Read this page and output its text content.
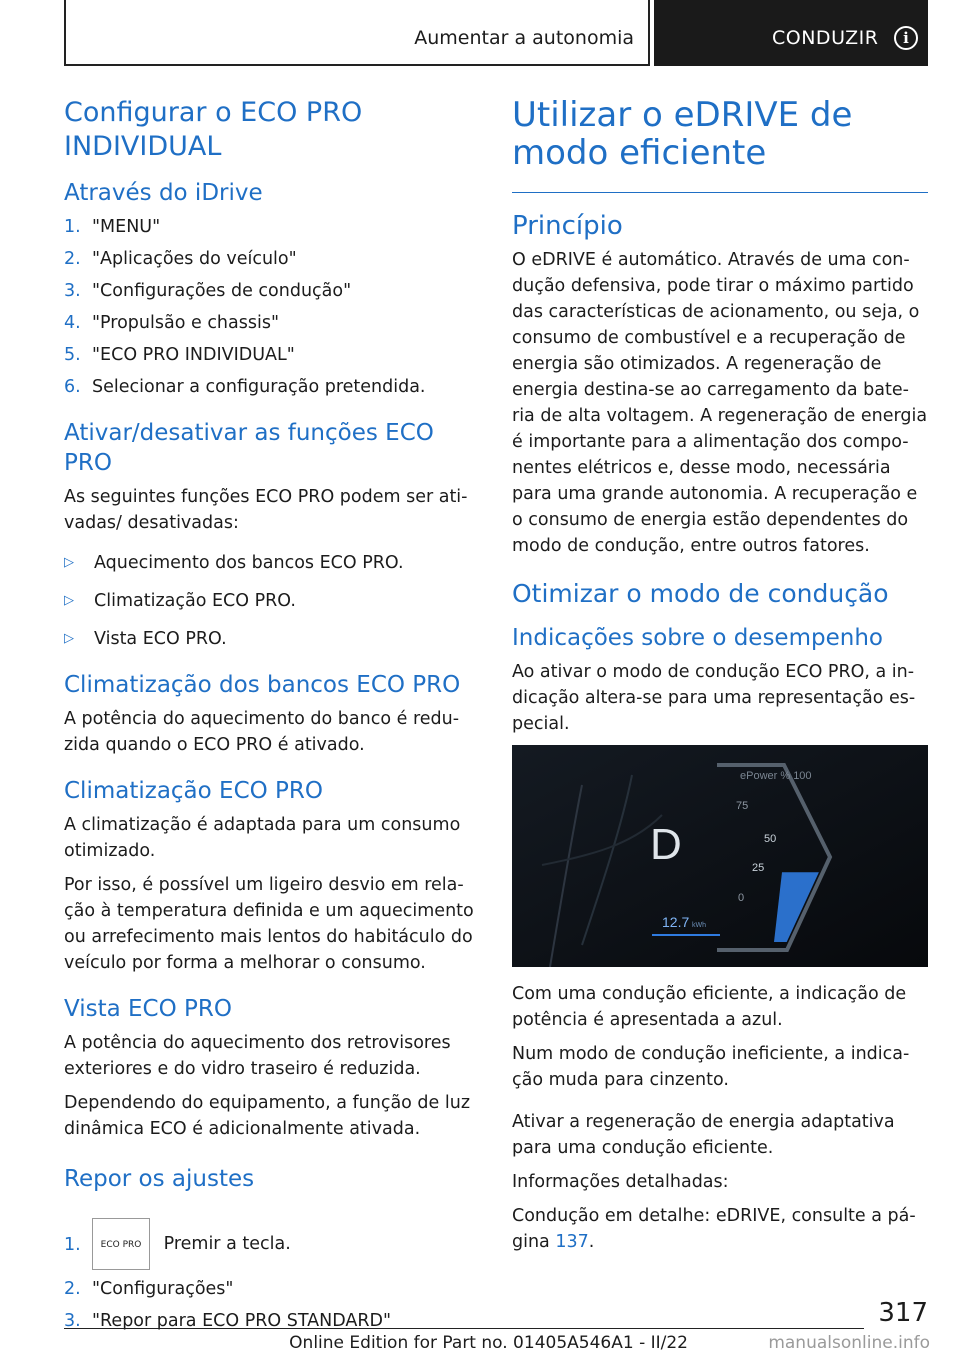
Aumentar a autonomia	CONDUZIR	i
Configurar o ECO PRO INDIVIDUAL
Através do iDrive
1. "MENU"
2. "Aplicações do veículo"
3. "Configurações de condução"
4. "Propulsão e chassis"
5. "ECO PRO INDIVIDUAL"
6. Selecionar a configuração pretendida.
Ativar/desativar as funções ECO PRO

As seguintes funções ECO PRO podem ser ati-vadas/ desativadas:

▷ Aquecimento dos bancos ECO PRO.
▷ Climatização ECO PRO.
▷ Vista ECO PRO.
Climatização dos bancos ECO PRO

A potência do aquecimento do banco é redu-zida quando o ECO PRO é ativado.

Climatização ECO PRO

A climatização é adaptada para um consumo otimizado.

Por isso, é possível um ligeiro desvio em rela-ção à temperatura definida e um aquecimento ou arrefecimento mais lentos do habitáculo do veículo por forma a melhorar o consumo.

Vista ECO PRO

A potência do aquecimento dos retrovisores exteriores e do vidro traseiro é reduzida.

Dependendo do equipamento, a função de luz dinâmica ECO é adicionalmente ativada.

Repor os ajustes
1. ECO PRO Premir a tecla.
2. "Configurações"
3. "Repor para ECO PRO STANDARD"
Utilizar o eDRIVE de modo eficiente
Princípio

O eDRIVE é automático. Através de uma con-dução defensiva, pode tirar o máximo partido das características de acionamento, ou seja, o consumo de combustível e a recuperação de energia são otimizados. A regeneração de energia destina-se ao carregamento da bate-ria de alta voltagem. A regeneração de energia é importante para a alimentação dos compo-nentes elétricos e, desse modo, necessária para uma grande autonomia. A recuperação e o consumo de energia estão dependentes do modo de condução, entre outros fatores.

Otimizar o modo de condução
Indicações sobre o desempenho

Ao ativar o modo de condução ECO PRO, a in-dicação altera-se para uma representação es-pecial.

ePower % 100
75
50
25
0
D
12.7 kWh

Com uma condução eficiente, a indicação de potência é apresentada a azul.

Num modo de condução ineficiente, a indica-ção muda para cinzento.

Ativar a regeneração de energia adaptativa para uma condução eficiente.

Informações detalhadas:

Condução em detalhe: eDRIVE, consulte a pá-gina 137.

317
Online Edition for Part no. 01405A546A1 - II/22	manualsonline.info
